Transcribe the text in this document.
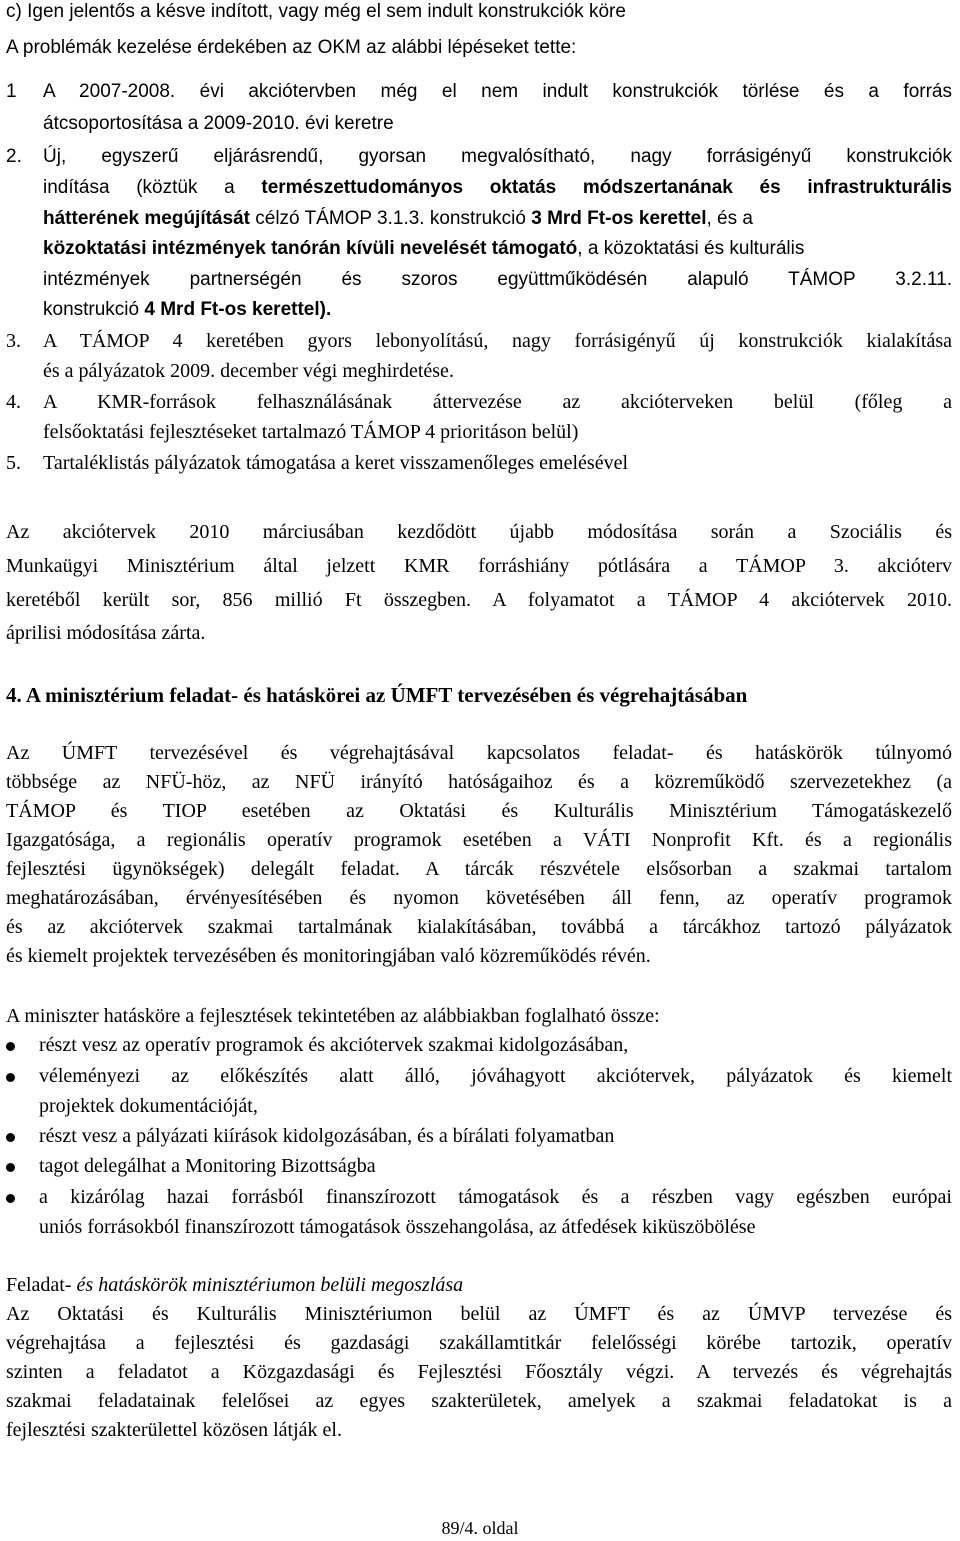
c) Igen jelentős a késve indított, vagy még el sem indult konstrukciók köre
A problémák kezelése érdekében az OKM az alábbi lépéseket tette:
1 A 2007-2008. évi akciótervben még el nem indult konstrukciók törlése és a forrás
átcsoportosítása a 2009-2010. évi keretre
2. Új, egyszerű eljárásrendű, gyorsan megvalósítható, nagy forrásigényű konstrukciók
indítása (köztük a természettudományos oktatás módszertanának és infrastrukturális
hátterének megújítását célzó TÁMOP 3.1.3. konstrukció 3 Mrd Ft-os kerettel, és a
közoktatási intézmények tanórán kívüli nevelését támogató, a közoktatási és kulturális
intézmények partnerségén és szoros együttműködésén alapuló TÁMOP 3.2.11.
konstrukció 4 Mrd Ft-os kerettel).
3. A TÁMOP 4 keretében gyors lebonyolítású, nagy forrásigényű új konstrukciók kialakítása
és a pályázatok 2009. december végi meghirdetése.
4. A KMR-források felhasználásának áttervezése az akcióterveken belül (főleg a
felsőoktatási fejlesztéseket tartalmazó TÁMOP 4 prioritáson belül)
5. Tartaléklistás pályázatok támogatása a keret visszamenőleges emelésével
Az akciótervek 2010 márciusában kezdődött újabb módosítása során a Szociális és
Munkaügyi Minisztérium által jelzett KMR forráshiány pótlására a TÁMOP 3. akcióterv
keretéből került sor, 856 millió Ft összegben. A folyamatot a TÁMOP 4 akciótervek 2010.
áprilisi módosítása zárta.
4. A minisztérium feladat- és hatáskörei az ÚMFT tervezésében és végrehajtásában
Az ÚMFT tervezésével és végrehajtásával kapcsolatos feladat- és hatáskörök túlnyomó
többsége az NFÜ-höz, az NFÜ irányító hatóságaihoz és a közreműködő szervezetekhez (a
TÁMOP és TIOP esetében az Oktatási és Kulturális Minisztérium Támogatáskezelő
Igazgatósága, a regionális operatív programok esetében a VÁTI Nonprofit Kft. és a regionális
fejlesztési ügynökségek) delegált feladat. A tárcák részvétele elsősorban a szakmai tartalom
meghatározásában, érvényesítésében és nyomon követésében áll fenn, az operatív programok
és az akciótervek szakmai tartalmának kialakításában, továbbá a tárcákhoz tartozó pályázatok
és kiemelt projektek tervezésében és monitoringjában való közreműködés révén.
A miniszter hatásköre a fejlesztések tekintetében az alábbiakban foglalható össze:
részt vesz az operatív programok és akciótervek szakmai kidolgozásában,
véleményezi az előkészítés alatt álló, jóváhagyott akciótervek, pályázatok és kiemelt
projektek dokumentációját,
részt vesz a pályázati kiírások kidolgozásában, és a bírálati folyamatban
tagot delegálhat a Monitoring Bizottságba
a kizárólag hazai forrásból finanszírozott támogatások és a részben vagy egészben európai
uniós forrásokból finanszírozott támogatások összehangolása, az átfedések kiküszöbölése
Feladat- és hatáskörök minisztériumon belüli megoszlása
Az Oktatási és Kulturális Minisztériumon belül az ÚMFT és az ÚMVP tervezése és
végrehajtása a fejlesztési és gazdasági szakállamtitkár felelősségi körébe tartozik, operatív
szinten a feladatot a Közgazdasági és Fejlesztési Főosztály végzi. A tervezés és végrehajtás
szakmai feladatainak felelősei az egyes szakterületek, amelyek a szakmai feladatokat is a
fejlesztési szakterülettel közösen látják el.
89/4. oldal
